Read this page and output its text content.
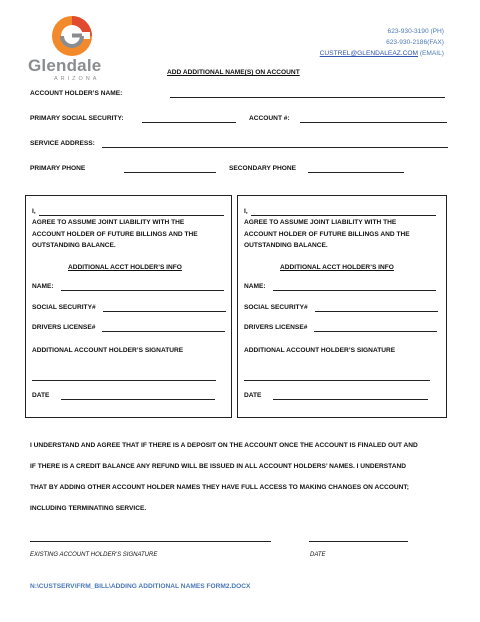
Glendale
ARIZONA
623-930-3190 (PH)
623-930-2186(FAX)
CUSTREL@GLENDALEAZ.COM (EMAIL)
ADD ADDITIONAL NAME(S) ON ACCOUNT
ACCOUNT HOLDER’S NAME:
PRIMARY SOCIAL SECURITY:	ACCOUNT #:
SERVICE ADDRESS:
PRIMARY PHONE	SECONDARY PHONE
I,
AGREE TO ASSUME JOINT LIABILITY WITH THE
ACCOUNT HOLDER OF FUTURE BILLINGS AND THE
OUTSTANDING BALANCE.
ADDITIONAL ACCT HOLDER’S INFO
NAME:
SOCIAL SECURITY#
DRIVERS LICENSE#
ADDITIONAL ACCOUNT HOLDER’S SIGNATURE
DATE
I,
AGREE TO ASSUME JOINT LIABILITY WITH THE
ACCOUNT HOLDER OF FUTURE BILLINGS AND THE
OUTSTANDING BALANCE.
ADDITIONAL ACCT HOLDER’S INFO
NAME:
SOCIAL SECURITY#
DRIVERS LICENSE#
ADDITIONAL ACCOUNT HOLDER’S SIGNATURE
DATE
I UNDERSTAND AND AGREE THAT IF THERE IS A DEPOSIT ON THE ACCOUNT ONCE THE ACCOUNT IS FINALED OUT AND
IF THERE IS A CREDIT BALANCE ANY REFUND WILL BE ISSUED IN ALL ACCOUNT HOLDERS’ NAMES. I UNDERSTAND
THAT BY ADDING OTHER ACCOUNT HOLDER NAMES THEY HAVE FULL ACCESS TO MAKING CHANGES ON ACCOUNT;
INCLUDING TERMINATING SERVICE.
EXISTING ACCOUNT HOLDER’S SIGNATURE	DATE
N:\CUSTSERV\FRM_BILL\ADDING ADDITIONAL NAMES FORM2.DOCX
